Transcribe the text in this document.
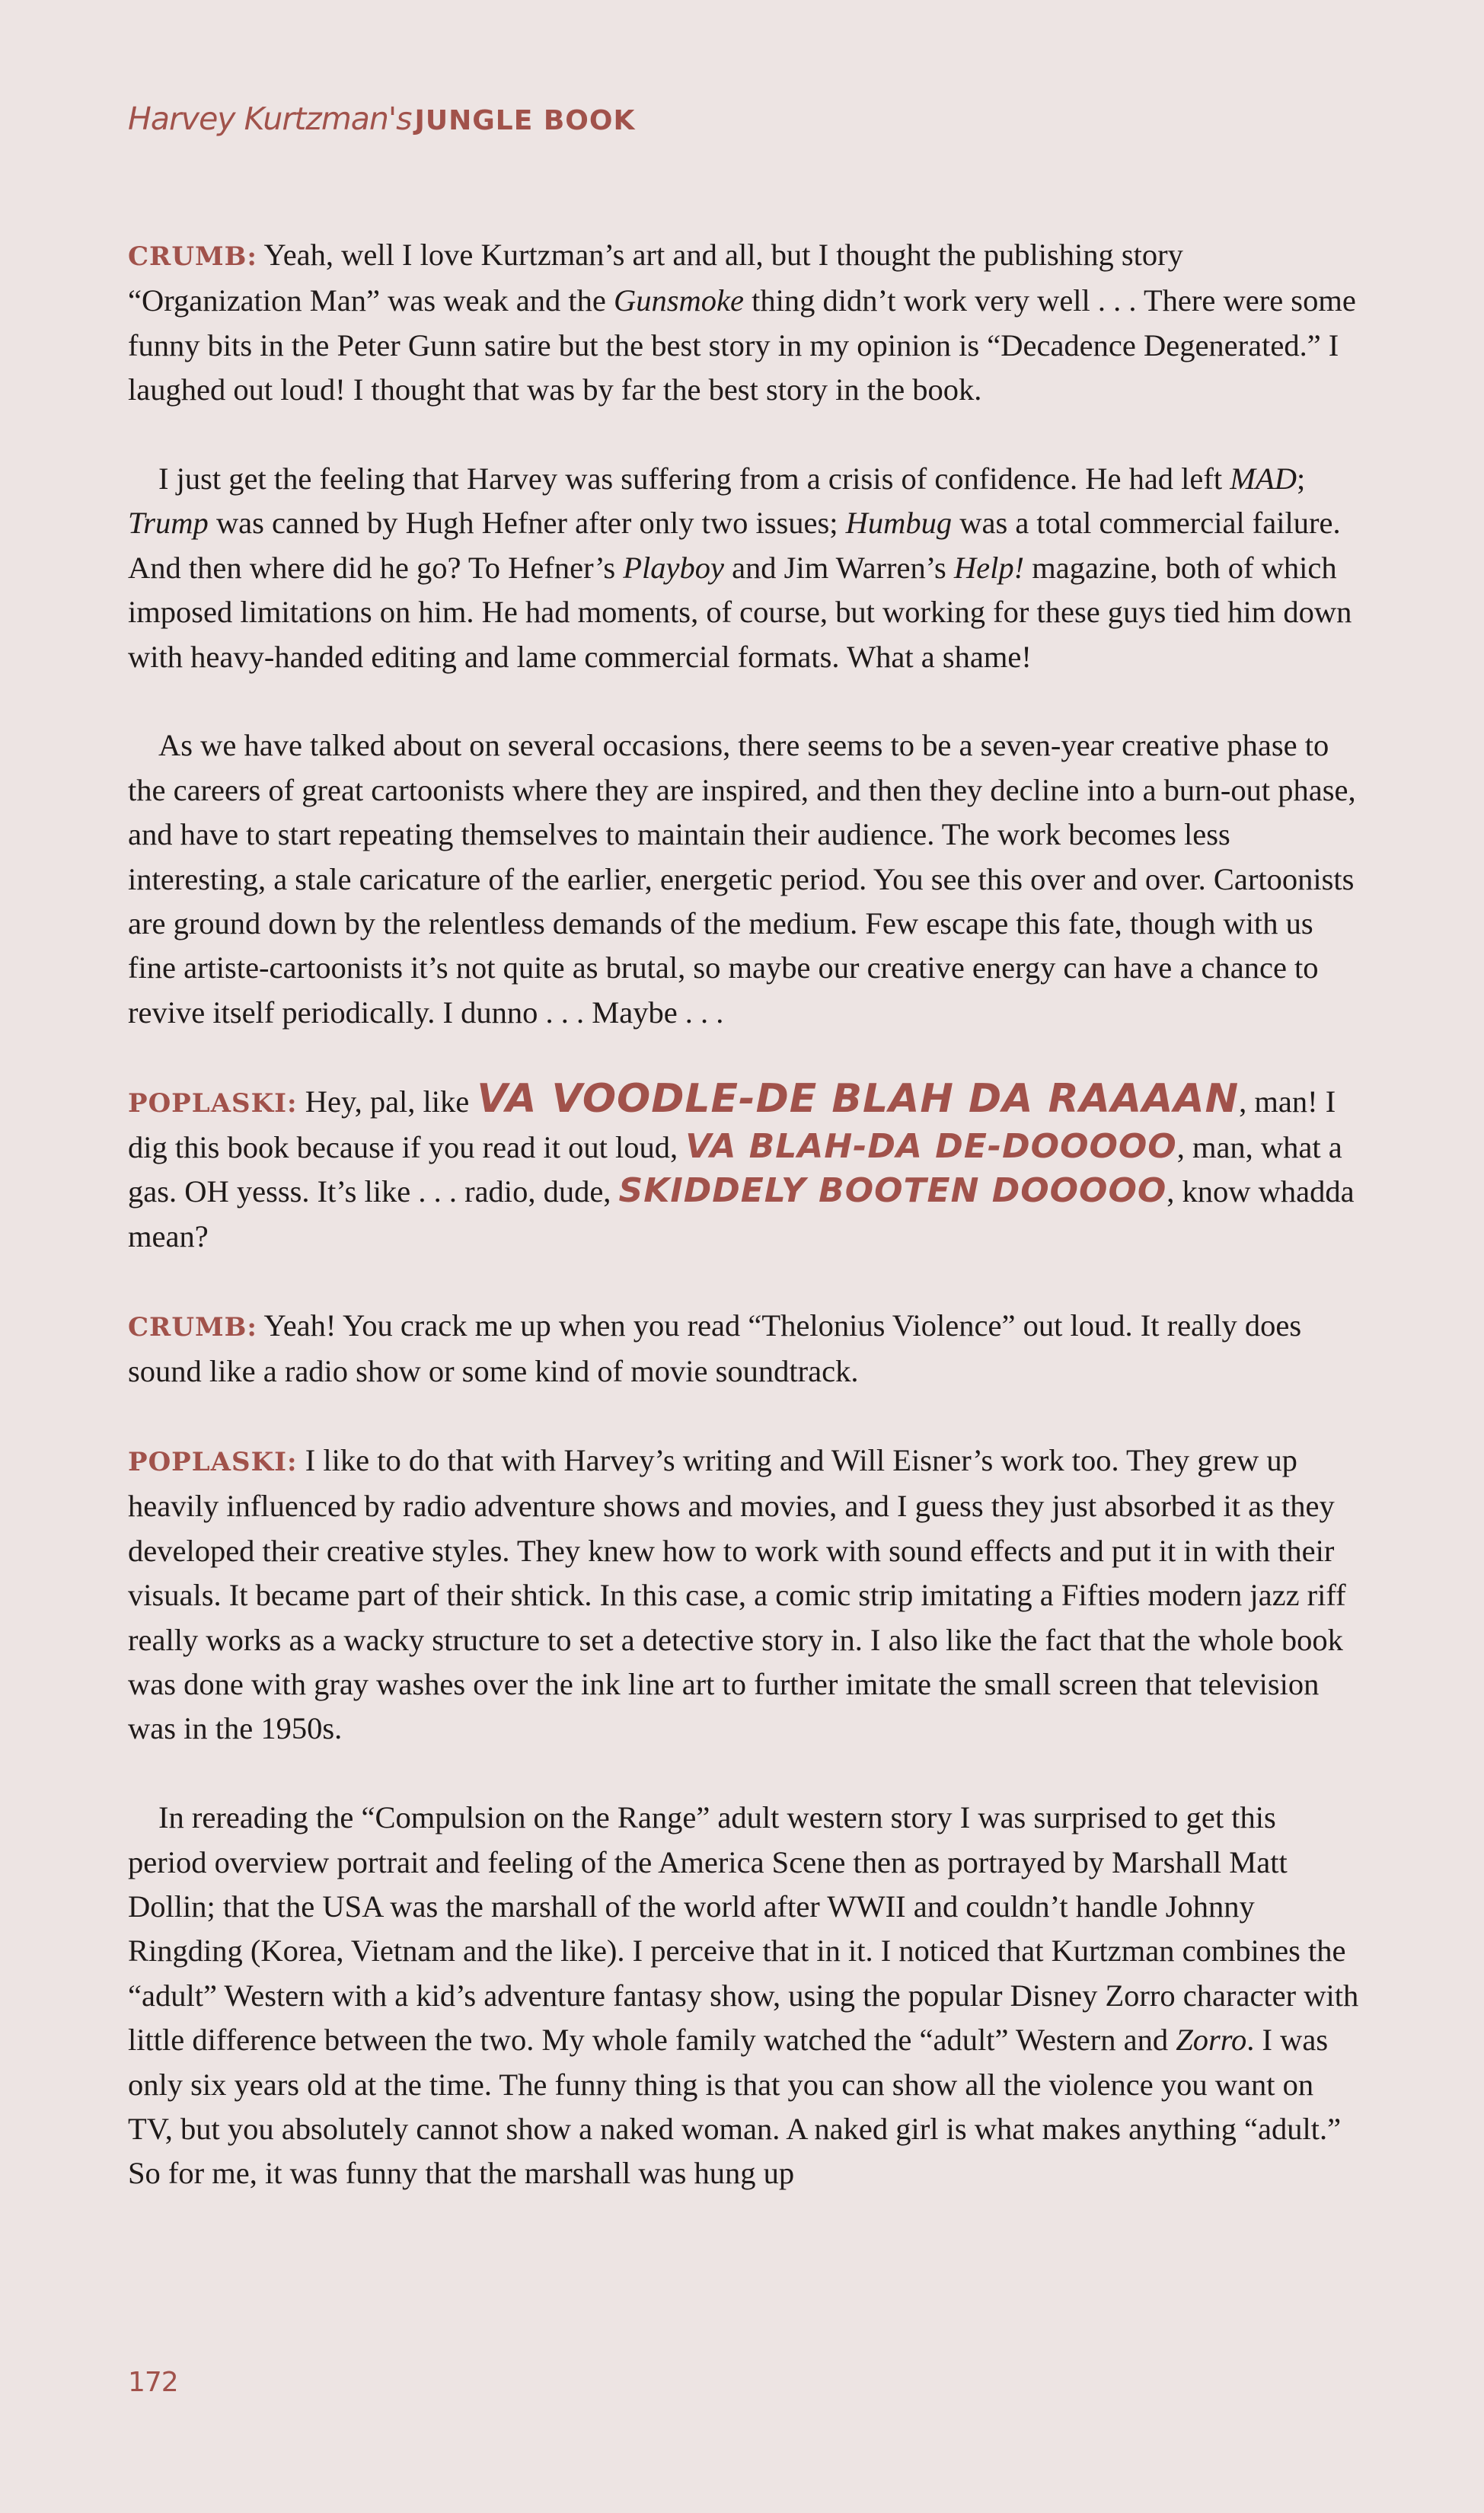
Harvey Kurtzman's JUNGLE BOOK

CRUMB: Yeah, well I love Kurtzman’s art and all, but I thought the publishing story “Organization Man” was weak and the Gunsmoke thing didn’t work very well . . . There were some funny bits in the Peter Gunn satire but the best story in my opinion is “Decadence Degenerated.” I laughed out loud! I thought that was by far the best story in the book.

I just get the feeling that Harvey was suffering from a crisis of confidence. He had left MAD; Trump was canned by Hugh Hefner after only two issues; Humbug was a total commercial failure. And then where did he go? To Hefner’s Playboy and Jim Warren’s Help! magazine, both of which imposed limitations on him. He had moments, of course, but working for these guys tied him down with heavy-handed editing and lame commercial formats. What a shame!

As we have talked about on several occasions, there seems to be a seven-year creative phase to the careers of great cartoonists where they are inspired, and then they decline into a burn-out phase, and have to start repeating themselves to maintain their audience. The work becomes less interesting, a stale caricature of the earlier, energetic period. You see this over and over. Cartoonists are ground down by the relentless demands of the medium. Few escape this fate, though with us fine artiste-cartoonists it’s not quite as brutal, so maybe our creative energy can have a chance to revive itself periodically. I dunno . . . Maybe . . .

POPLASKI: Hey, pal, like VA VOODLE-DE BLAH DA RAAAAN, man! I dig this book because if you read it out loud, VA BLAH-DA DE-DOOOOO, man, what a gas. OH yesss. It’s like . . . radio, dude, SKIDDELY BOOTEN DOOOOO, know whadda mean?

CRUMB: Yeah! You crack me up when you read “Thelonius Violence” out loud. It really does sound like a radio show or some kind of movie soundtrack.

POPLASKI: I like to do that with Harvey’s writing and Will Eisner’s work too. They grew up heavily influenced by radio adventure shows and movies, and I guess they just absorbed it as they developed their creative styles. They knew how to work with sound effects and put it in with their visuals. It became part of their shtick. In this case, a comic strip imitating a Fifties modern jazz riff really works as a wacky structure to set a detective story in. I also like the fact that the whole book was done with gray washes over the ink line art to further imitate the small screen that television was in the 1950s.

In rereading the “Compulsion on the Range” adult western story I was surprised to get this period overview portrait and feeling of the America Scene then as portrayed by Marshall Matt Dollin; that the USA was the marshall of the world after WWII and couldn’t handle Johnny Ringding (Korea, Vietnam and the like). I perceive that in it. I noticed that Kurtzman combines the “adult” Western with a kid’s adventure fantasy show, using the popular Disney Zorro character with little difference between the two. My whole family watched the “adult” Western and Zorro. I was only six years old at the time. The funny thing is that you can show all the violence you want on TV, but you absolutely cannot show a naked woman. A naked girl is what makes anything “adult.” So for me, it was funny that the marshall was hung up

172
